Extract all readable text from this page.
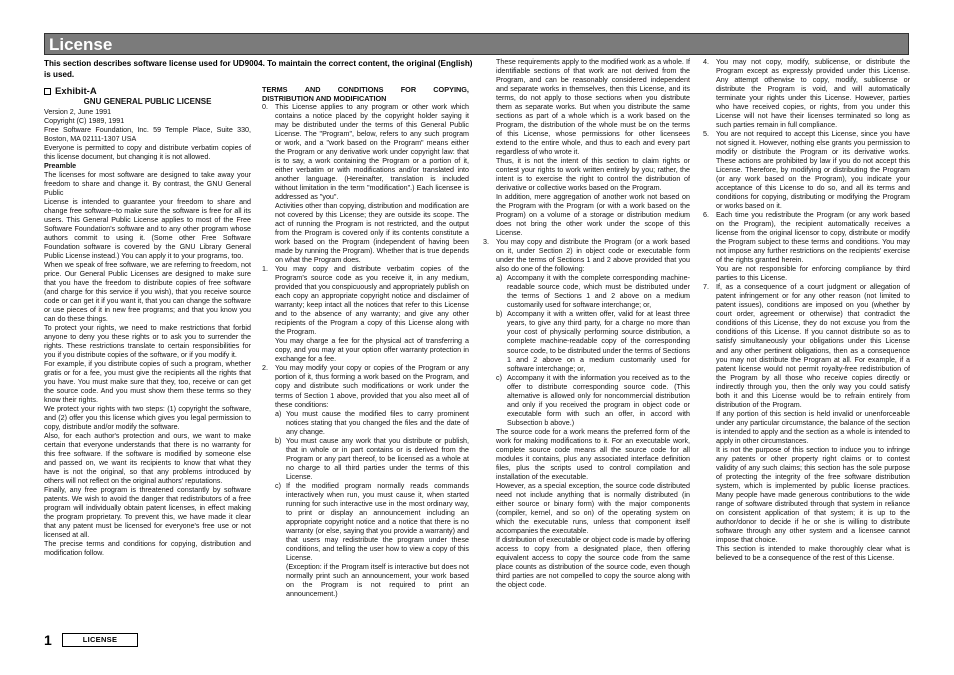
License
This section describes software license used for UD9004. To maintain the correct content, the original (English) is used.
Exhibit-A
GNU GENERAL PUBLIC LICENSE

Version 2, June 1991

Copyright (C) 1989, 1991

Free Software Foundation, Inc. 59 Temple Place, Suite 330, Boston, MA 02111-1307 USA

Everyone is permitted to copy and distribute verbatim copies of this license document, but changing it is not allowed.

Preamble

The licenses for most software are designed to take away your freedom to share and change it. By contrast, the GNU General Public

License is intended to guarantee your freedom to share and change free software--to make sure the software is free for all its users. This General Public License applies to most of the Free Software Foundation's software and to any other program whose authors commit to using it. (Some other Free Software Foundation software is covered by the GNU Library General Public License instead.) You can apply it to your programs, too.

When we speak of free software, we are referring to freedom, not price. Our General Public Licenses are designed to make sure that you have the freedom to distribute copies of free software (and charge for this service if you wish), that you receive source code or can get it if you want it, that you can change the software or use pieces of it in new free programs; and that you know you can do these things.

To protect your rights, we need to make restrictions that forbid anyone to deny you these rights or to ask you to surrender the rights. These restrictions translate to certain responsibilities for you if you distribute copies of the software, or if you modify it.

For example, if you distribute copies of such a program, whether gratis or for a fee, you must give the recipients all the rights that you have. You must make sure that they, too, receive or can get the source code. And you must show them these terms so they know their rights.

We protect your rights with two steps: (1) copyright the software, and (2) offer you this license which gives you legal permission to copy, distribute and/or modify the software.

Also, for each author's protection and ours, we want to make certain that everyone understands that there is no warranty for this free software. If the software is modified by someone else and passed on, we want its recipients to know that what they have is not the original, so that any problems introduced by others will not reflect on the original authors' reputations.

Finally, any free program is threatened constantly by software patents. We wish to avoid the danger that redistributors of a free program will individually obtain patent licenses, in effect making the program proprietary. To prevent this, we have made it clear that any patent must be licensed for everyone's free use or not licensed at all.

The precise terms and conditions for copying, distribution and modification follow.

TERMS AND CONDITIONS FOR COPYING,
DISTRIBUTION AND MODIFICATION
0. This License applies to any program or other work which contains a notice placed by the copyright holder saying it may be distributed under the terms of this General Public License. The "Program", below, refers to any such program or work, and a "work based on the Program" means either the Program or any derivative work under copyright law: that is to say, a work containing the Program or a portion of it, either verbatim or with modifications and/or translated into another language. (Hereinafter, translation is included without limitation in the term "modification".) Each licensee is addressed as "you".

Activities other than copying, distribution and modification are not covered by this License; they are outside its scope. The act of running the Program is not restricted, and the output from the Program is covered only if its contents constitute a work based on the Program (independent of having been made by running the Program). Whether that is true depends on what the Program does.

1. You may copy and distribute verbatim copies of the Program's source code as you receive it, in any medium, provided that you conspicuously and appropriately publish on each copy an appropriate copyright notice and disclaimer of warranty; keep intact all the notices that refer to this License and to the absence of any warranty; and give any other recipients of the Program a copy of this License along with the Program.

You may charge a fee for the physical act of transferring a copy, and you may at your option offer warranty protection in exchange for a fee.

2. You may modify your copy or copies of the Program or any portion of it, thus forming a work based on the Program, and copy and distribute such modifications or work under the terms of Section 1 above, provided that you also meet all of these conditions:
a) You must cause the modified files to carry prominent notices stating that you changed the files and the date of any change.
b) You must cause any work that you distribute or publish, that in whole or in part contains or is derived from the Program or any part thereof, to be licensed as a whole at no charge to all third parties under the terms of this License.
c) If the modified program normally reads commands interactively when run, you must cause it, when started running for such interactive use in the most ordinary way, to print or display an announcement including an appropriate copyright notice and a notice that there is no warranty (or else, saying that you provide a warranty) and that users may redistribute the program under these conditions, and telling the user how to view a copy of this License.

(Exception: if the Program itself is interactive but does not normally print such an announcement, your work based on the Program is not required to print an announcement.)

These requirements apply to the modified work as a whole. If identifiable sections of that work are not derived from the Program, and can be reasonably considered independent and separate works in themselves, then this License, and its terms, do not apply to those sections when you distribute them as separate works. But when you distribute the same sections as part of a whole which is a work based on the Program, the distribution of the whole must be on the terms of this License, whose permissions for other licensees extend to the entire whole, and thus to each and every part regardless of who wrote it.

Thus, it is not the intent of this section to claim rights or contest your rights to work written entirely by you; rather, the intent is to exercise the right to control the distribution of derivative or collective works based on the Program.

In addition, mere aggregation of another work not based on the Program with the Program (or with a work based on the Program) on a volume of a storage or distribution medium does not bring the other work under the scope of this License.

3. You may copy and distribute the Program (or a work based on it, under Section 2) in object code or executable form under the terms of Sections 1 and 2 above provided that you also do one of the following:
a) Accompany it with the complete corresponding machine-readable source code, which must be distributed under the terms of Sections 1 and 2 above on a medium customarily used for software interchange; or,
b) Accompany it with a written offer, valid for at least three years, to give any third party, for a charge no more than your cost of physically performing source distribution, a complete machine-readable copy of the corresponding source code, to be distributed under the terms of Sections 1 and 2 above on a medium customarily used for software interchange; or,
c) Accompany it with the information you received as to the offer to distribute corresponding source code. (This alternative is allowed only for noncommercial distribution and only if you received the program in object code or executable form with such an offer, in accord with Subsection b above.)

The source code for a work means the preferred form of the work for making modifications to it. For an executable work, complete source code means all the source code for all modules it contains, plus any associated interface definition files, plus the scripts used to control compilation and installation of the executable.

However, as a special exception, the source code distributed need not include anything that is normally distributed (in either source or binary form) with the major components (compiler, kernel, and so on) of the operating system on which the executable runs, unless that component itself accompanies the executable.

If distribution of executable or object code is made by offering access to copy from a designated place, then offering equivalent access to copy the source code from the same place counts as distribution of the source code, even though third parties are not compelled to copy the source along with the object code.

4. You may not copy, modify, sublicense, or distribute the Program except as expressly provided under this License. Any attempt otherwise to copy, modify, sublicense or distribute the Program is void, and will automatically terminate your rights under this License. However, parties who have received copies, or rights, from you under this License will not have their licenses terminated so long as such parties remain in full compliance.
5. You are not required to accept this License, since you have not signed it. However, nothing else grants you permission to modify or distribute the Program or its derivative works. These actions are prohibited by law if you do not accept this License. Therefore, by modifying or distributing the Program (or any work based on the Program), you indicate your acceptance of this License to do so, and all its terms and conditions for copying, distributing or modifying the Program or works based on it.
6. Each time you redistribute the Program (or any work based on the Program), the recipient automatically receives a license from the original licensor to copy, distribute or modify the Program subject to these terms and conditions. You may not impose any further restrictions on the recipients' exercise of the rights granted herein.

You are not responsible for enforcing compliance by third parties to this License.

7. If, as a consequence of a court judgment or allegation of patent infringement or for any other reason (not limited to patent issues), conditions are imposed on you (whether by court order, agreement or otherwise) that contradict the conditions of this License, they do not excuse you from the conditions of this License. If you cannot distribute so as to satisfy simultaneously your obligations under this License and any other pertinent obligations, then as a consequence you may not distribute the Program at all. For example, if a patent license would not permit royalty-free redistribution of the Program by all those who receive copies directly or indirectly through you, then the only way you could satisfy both it and this License would be to refrain entirely from distribution of the Program.

If any portion of this section is held invalid or unenforceable under any particular circumstance, the balance of the section is intended to apply and the section as a whole is intended to apply in other circumstances.

It is not the purpose of this section to induce you to infringe any patents or other property right claims or to contest validity of any such claims; this section has the sole purpose of protecting the integrity of the free software distribution system, which is implemented by public license practices. Many people have made generous contributions to the wide range of software distributed through that system in reliance on consistent application of that system; it is up to the author/donor to decide if he or she is willing to distribute software through any other system and a licensee cannot impose that choice.

This section is intended to make thoroughly clear what is believed to be a consequence of the rest of this License.

1	LICENSE
